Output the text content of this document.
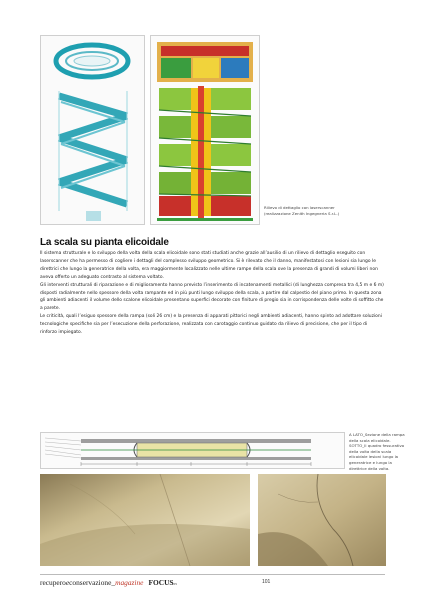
Rilievo di dettaglio con laserscanner
(realizzazione Zenith Ingegneria S.r.L.)
La scala su pianta elicoidale

Il sistema strutturale e lo sviluppo della volta della scala elicoidale sono stati studiati anche grazie all’ausilio di un rilievo di dettaglio eseguito con laserscanner che ha permesso di cogliere i dettagli del complesso sviluppo geometrico. Si è rilevato che il danno, manifestatosi con lesioni sia lungo le direttrici che lungo la generatrice della volta, era maggiormente localizzato nelle ultime rampe della scala ove la presenza di grandi di volumi liberi non aveva offerto un adeguato contrasto al sistema voltato.

Gli interventi strutturali di riparazione e di miglioramento hanno previsto l’inserimento di incatenamenti metallici (di lunghezza compresa tra 4,5 m e 6 m) disposti radialmente nello spessore della volta rampante ed in più punti lungo sviluppo della scala, a partire dal calpestio del piano primo. In questa zona gli ambienti adiacenti il volume dello scalone elicoidale presentano superfici decorate con finiture di pregio sia in corrispondenza delle volte di soffitto che a parete.

Le criticità, quali l’esiguo spessore della rampa (soli 26 cm) e la presenza di apparati pittorici negli ambienti adiacenti, hanno spinto ad adottare soluzioni tecnologiche specifiche sia per l’esecuzione della perforazione, realizzata con carotaggio continuo guidato da rilievo di precisione, che per il tipo di rinforzo impiegato.

A LATO_Sezione della rampa della scala elicoidale.
SOTTO_Il quadro fessurativo della volta della scala
elicoidale lesioni lungo la generatrice e lungo la
direttrice della volta.
recuperoeconservazione_magazine FOCUS05	101
